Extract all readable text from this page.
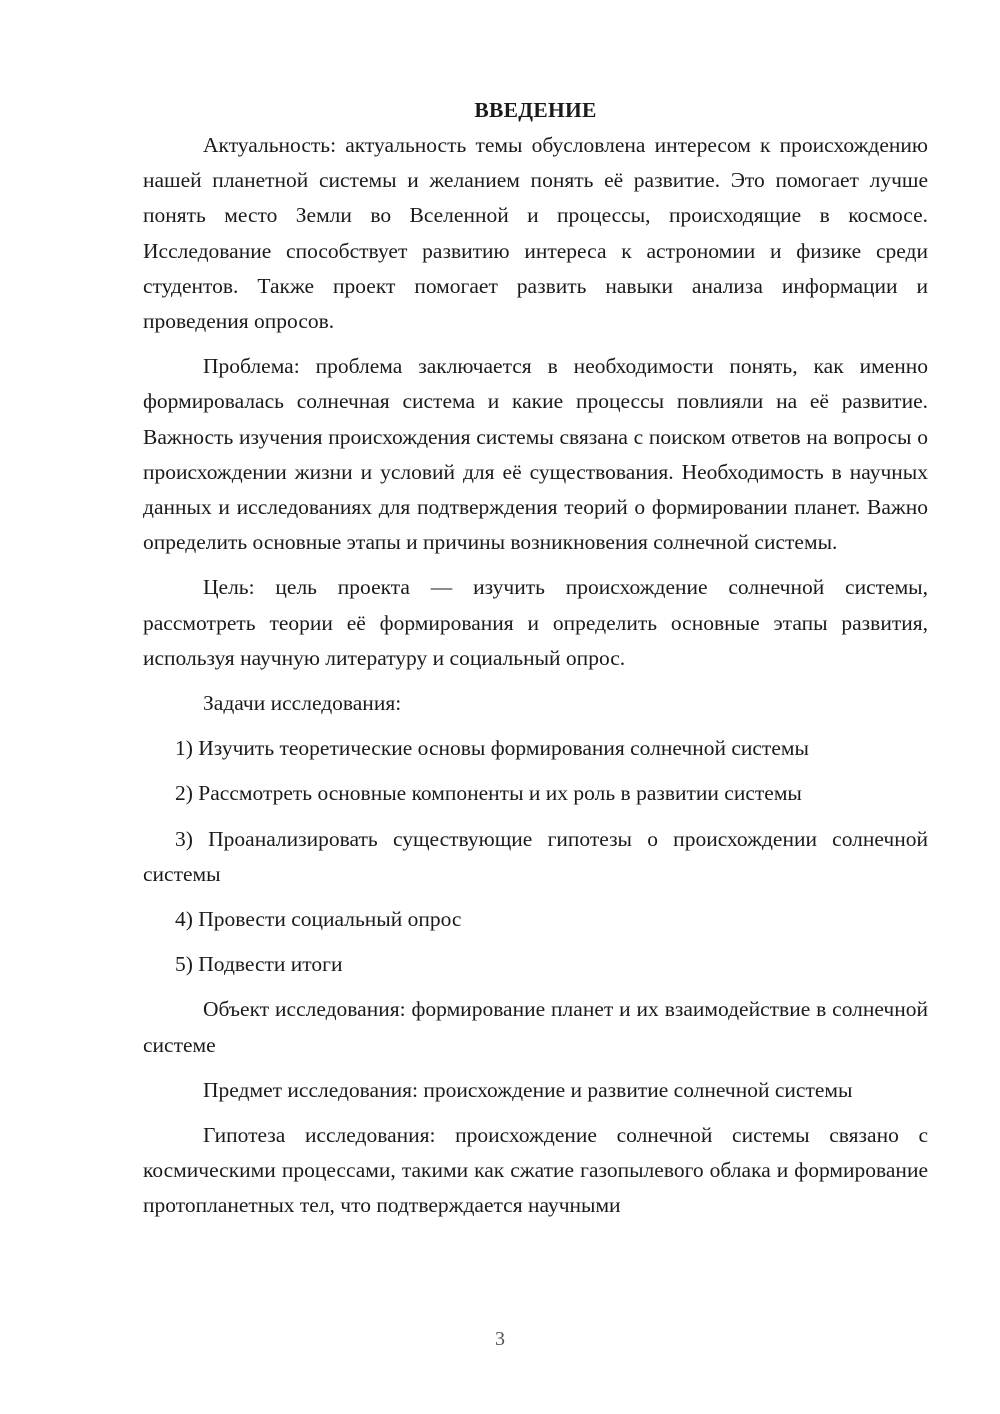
ВВЕДЕНИЕ

Актуальность: актуальность темы обусловлена интересом к происхождению нашей планетной системы и желанием понять её развитие. Это помогает лучше понять место Земли во Вселенной и процессы, происходящие в космосе. Исследование способствует развитию интереса к астрономии и физике среди студентов. Также проект помогает развить навыки анализа информации и проведения опросов.

Проблема: проблема заключается в необходимости понять, как именно формировалась солнечная система и какие процессы повлияли на её развитие. Важность изучения происхождения системы связана с поиском ответов на вопросы о происхождении жизни и условий для её существования. Необходимость в научных данных и исследованиях для подтверждения теорий о формировании планет. Важно определить основные этапы и причины возникновения солнечной системы.

Цель: цель проекта — изучить происхождение солнечной системы, рассмотреть теории её формирования и определить основные этапы развития, используя научную литературу и социальный опрос.

Задачи исследования:

1) Изучить теоретические основы формирования солнечной системы

2) Рассмотреть основные компоненты и их роль в развитии системы

3) Проанализировать существующие гипотезы о происхождении солнечной системы

4) Провести социальный опрос

5) Подвести итоги

Объект исследования: формирование планет и их взаимодействие в солнечной системе

Предмет исследования: происхождение и развитие солнечной системы

Гипотеза исследования: происхождение солнечной системы связано с космическими процессами, такими как сжатие газопылевого облака и формирование протопланетных тел, что подтверждается научными

3
